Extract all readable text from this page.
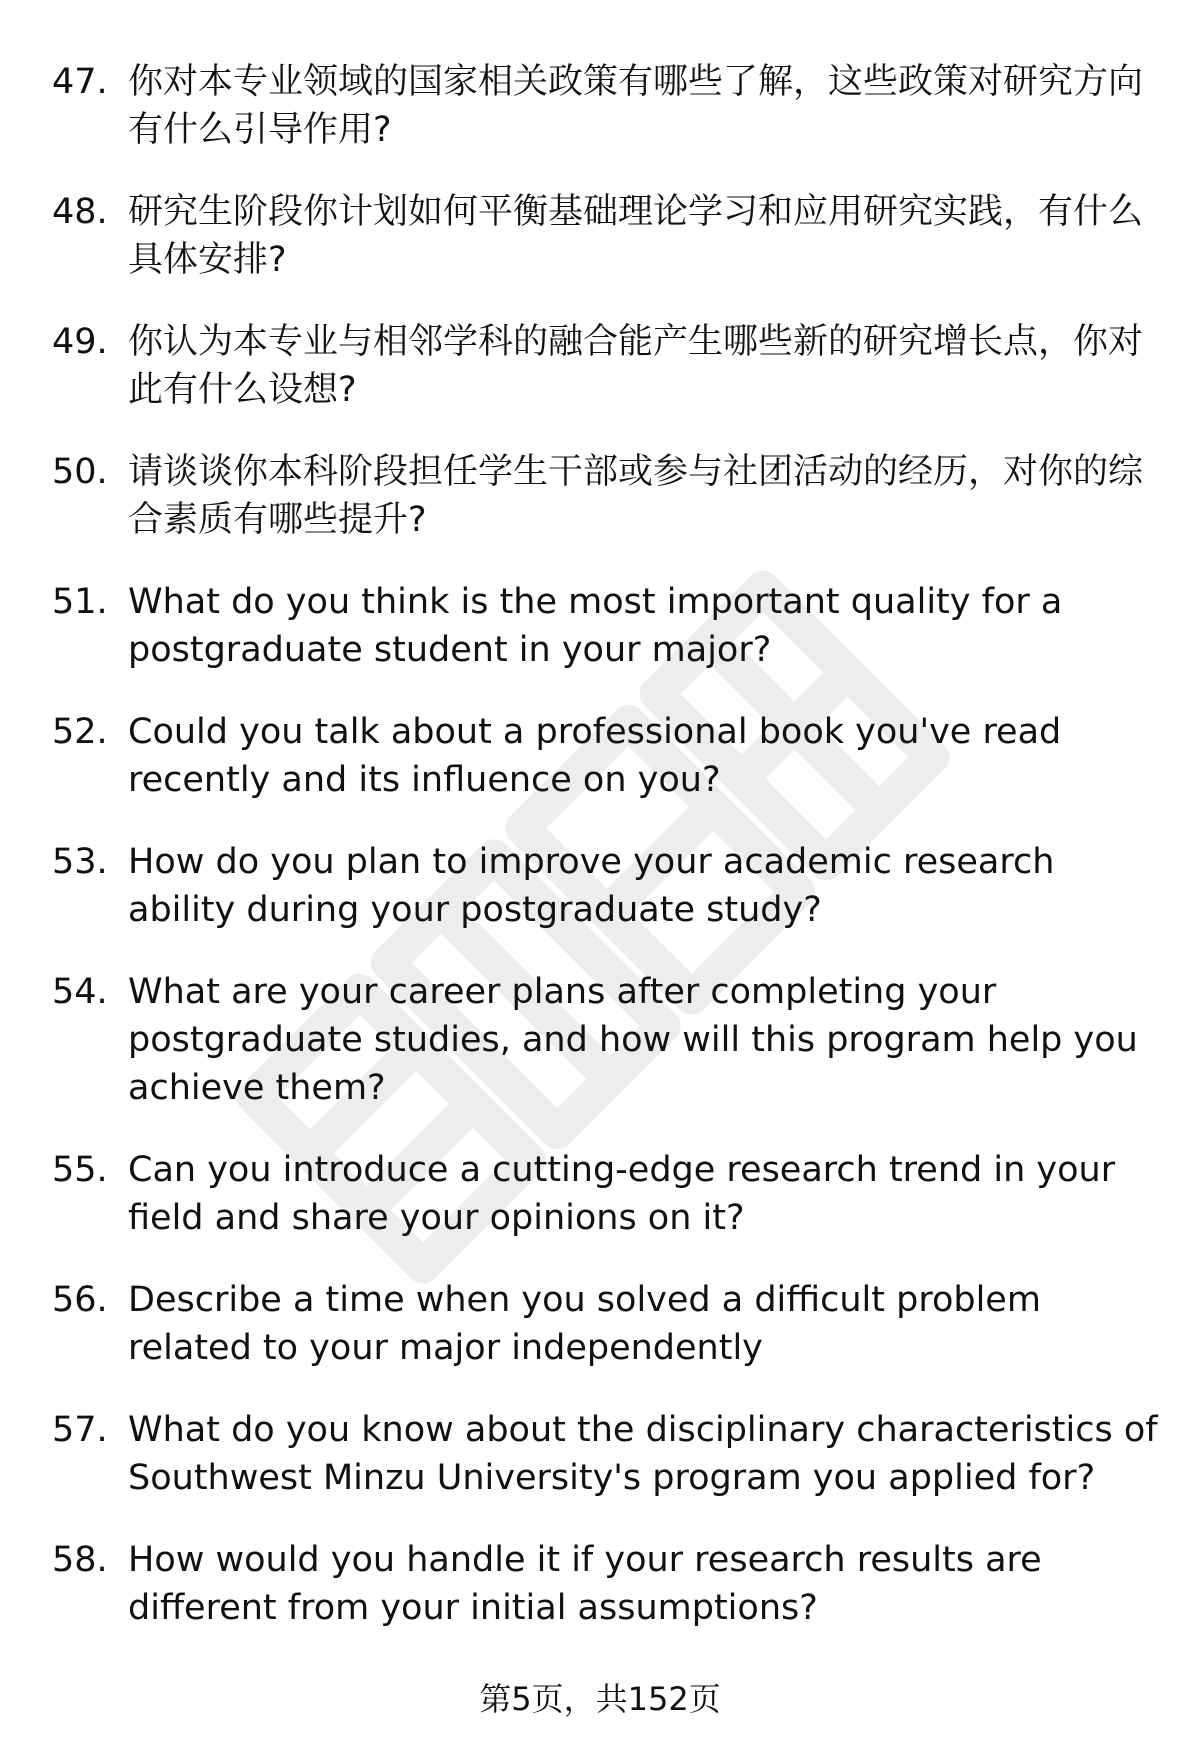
47. 你对本专业领域的国家相关政策有哪些了解，这些政策对研究方向有什么引导作用?
48. 研究生阶段你计划如何平衡基础理论学习和应用研究实践，有什么具体安排?
49. 你认为本专业与相邻学科的融合能产生哪些新的研究增长点，你对此有什么设想?
50. 请谈谈你本科阶段担任学生干部或参与社团活动的经历，对你的综合素质有哪些提升?
51. What do you think is the most important quality for a postgraduate student in your major?
52. Could you talk about a professional book you've read recently and its influence on you?
53. How do you plan to improve your academic research ability during your postgraduate study?
54. What are your career plans after completing your postgraduate studies, and how will this program help you achieve them?
55. Can you introduce a cutting-edge research trend in your field and share your opinions on it?
56. Describe a time when you solved a difficult problem related to your major independently
57. What do you know about the disciplinary characteristics of Southwest Minzu University's program you applied for?
58. How would you handle it if your research results are different from your initial assumptions?
第5页，共152页
